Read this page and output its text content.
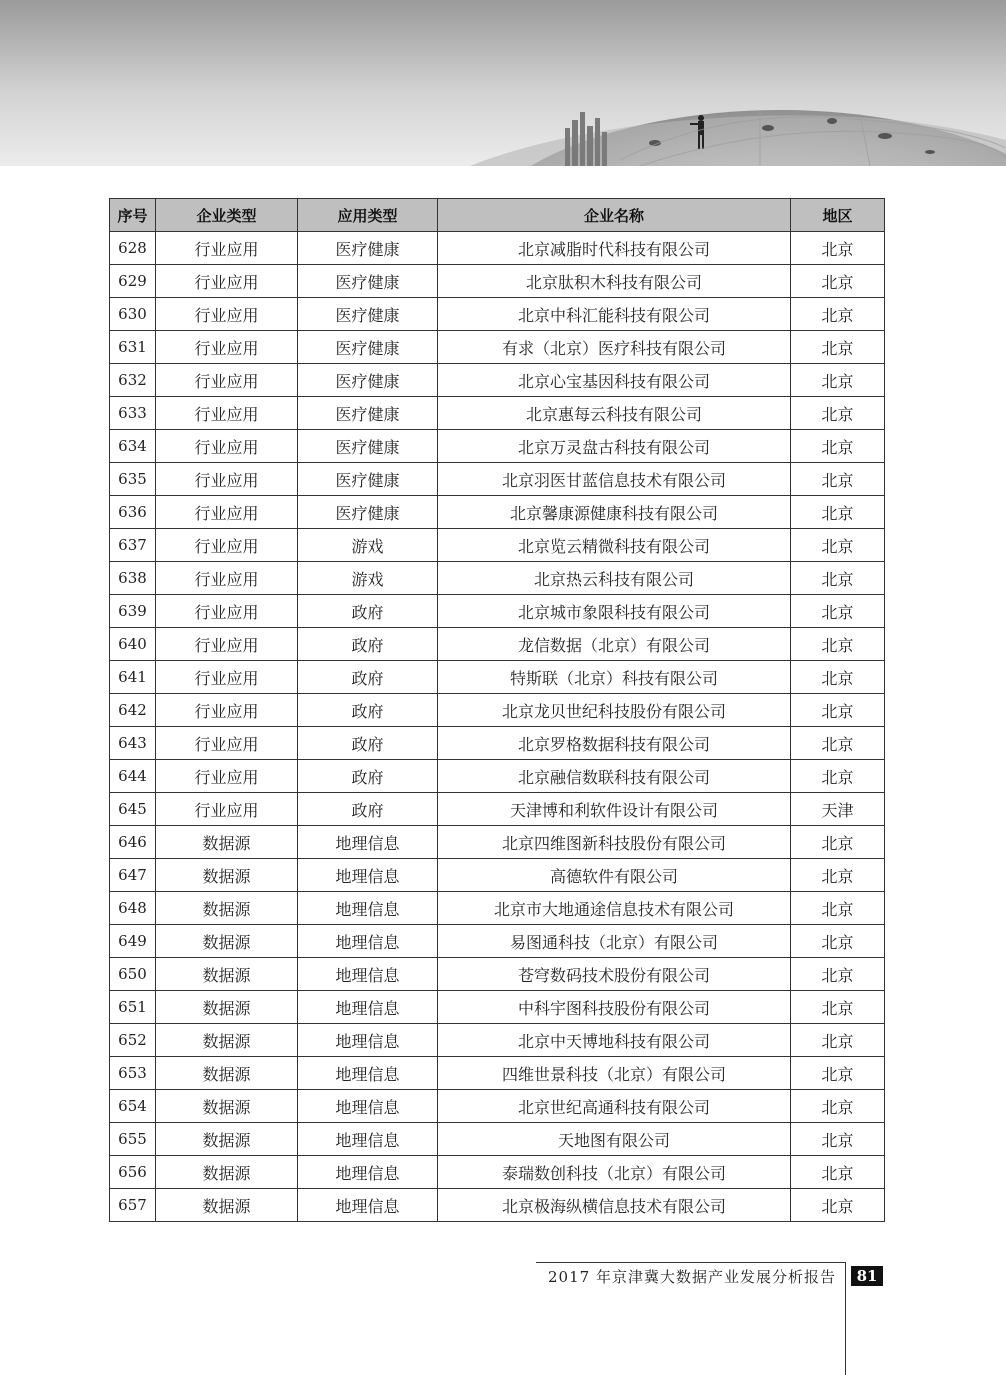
序号	企业类型	应用类型	企业名称	地区
628	行业应用	医疗健康	北京减脂时代科技有限公司	北京
629	行业应用	医疗健康	北京肽积木科技有限公司	北京
630	行业应用	医疗健康	北京中科汇能科技有限公司	北京
631	行业应用	医疗健康	有求（北京）医疗科技有限公司	北京
632	行业应用	医疗健康	北京心宝基因科技有限公司	北京
633	行业应用	医疗健康	北京惠每云科技有限公司	北京
634	行业应用	医疗健康	北京万灵盘古科技有限公司	北京
635	行业应用	医疗健康	北京羽医甘蓝信息技术有限公司	北京
636	行业应用	医疗健康	北京馨康源健康科技有限公司	北京
637	行业应用	游戏	北京览云精微科技有限公司	北京
638	行业应用	游戏	北京热云科技有限公司	北京
639	行业应用	政府	北京城市象限科技有限公司	北京
640	行业应用	政府	龙信数据（北京）有限公司	北京
641	行业应用	政府	特斯联（北京）科技有限公司	北京
642	行业应用	政府	北京龙贝世纪科技股份有限公司	北京
643	行业应用	政府	北京罗格数据科技有限公司	北京
644	行业应用	政府	北京融信数联科技有限公司	北京
645	行业应用	政府	天津博和利软件设计有限公司	天津
646	数据源	地理信息	北京四维图新科技股份有限公司	北京
647	数据源	地理信息	高德软件有限公司	北京
648	数据源	地理信息	北京市大地通途信息技术有限公司	北京
649	数据源	地理信息	易图通科技（北京）有限公司	北京
650	数据源	地理信息	苍穹数码技术股份有限公司	北京
651	数据源	地理信息	中科宇图科技股份有限公司	北京
652	数据源	地理信息	北京中天博地科技有限公司	北京
653	数据源	地理信息	四维世景科技（北京）有限公司	北京
654	数据源	地理信息	北京世纪高通科技有限公司	北京
655	数据源	地理信息	天地图有限公司	北京
656	数据源	地理信息	泰瑞数创科技（北京）有限公司	北京
657	数据源	地理信息	北京极海纵横信息技术有限公司	北京
2017 年京津冀大数据产业发展分析报告	81
